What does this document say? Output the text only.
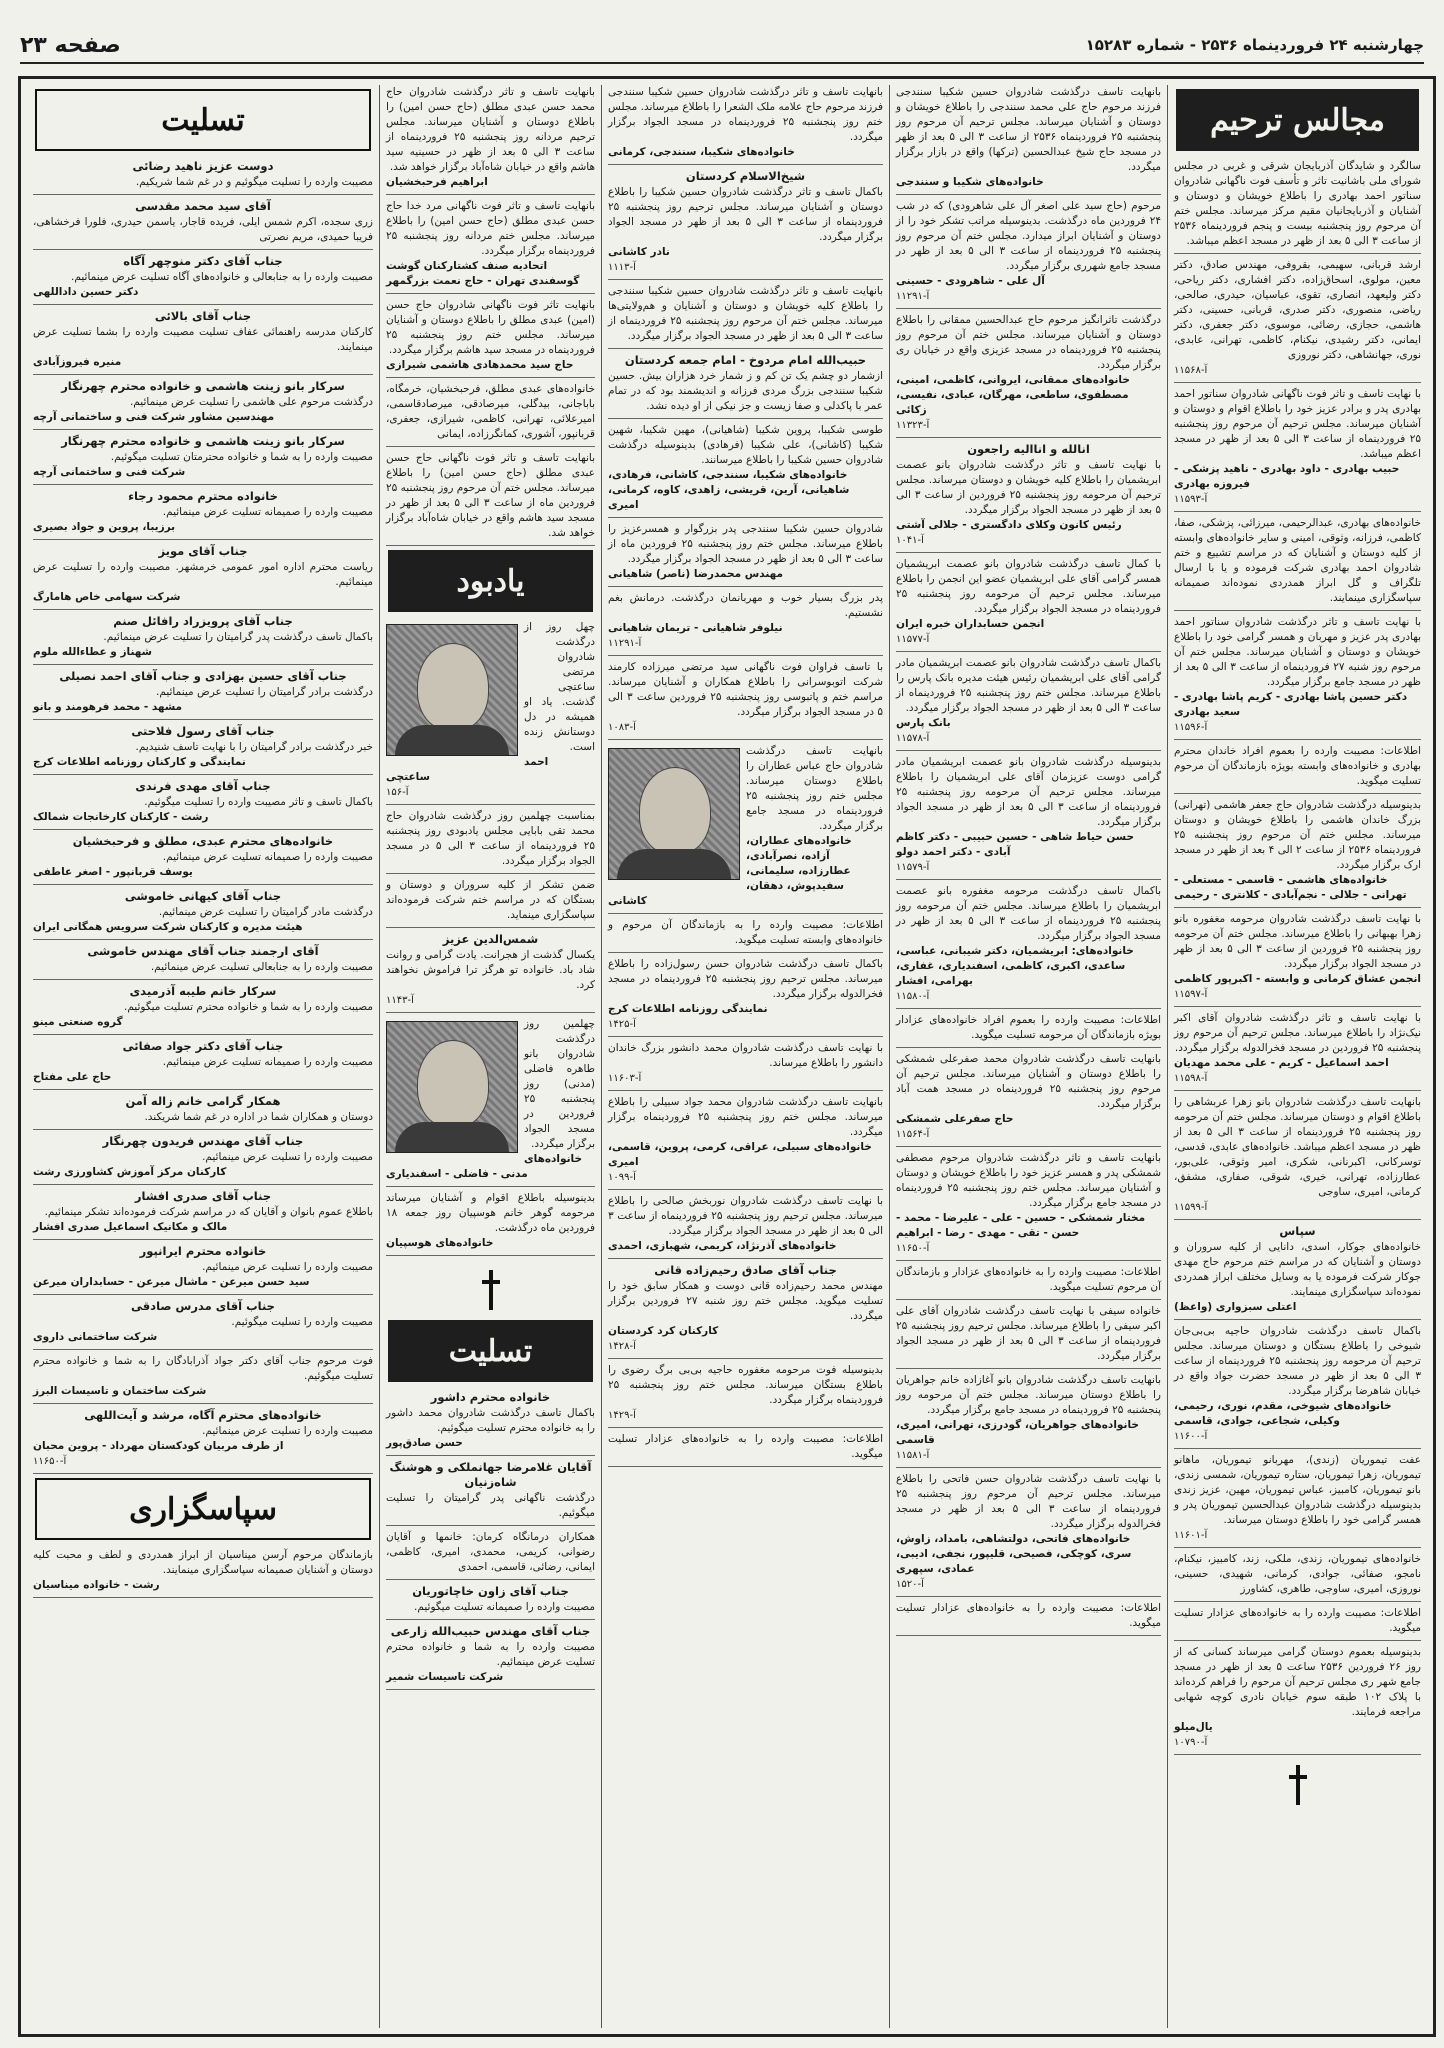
چهارشنبه ۲۴ فروردینماه ۲۵۳۶ - شماره ۱۵۲۸۳
صفحه ۲۳
مجالس ترحیم
سالگرد و شایدگان آذربایجان شرقی و غربی در مجلس شورای ملی باشانیت تاثر و تأسف فوت ناگهانی شادروان سناتور احمد بهادری را باطلاع خویشان و دوستان و آشنایان و آذربایجانیان مقیم مرکز میرساند. مجلس ختم آن مرحوم روز پنجشنبه بیست و پنجم فروردینماه ۲۵۳۶ از ساعت ۳ الی ۵ بعد از ظهر در مسجد اعظم میباشد.
ارشد قربانی، سهیمی، بقروفی، مهندس صادق، دکتر معین، مولوی، اسحاق‌زاده، دکتر افشاری، دکتر ریاحی، دکتر ولیعهد، انصاری، تقوی، عباسیان، حیدری، صالحی، ریاضی، منصوری، دکتر صدری، قربانی، حسینی، دکتر هاشمی، حجازی، رضائی، موسوی، دکتر جعفری، دکتر ایمانی، دکتر رشیدی، نیکنام، کاظمی، تهرانی، عابدی، نوری، جهانشاهی، دکتر نوروزی
آ-۱۱۵۶۸
با نهایت تاسف و تاثر فوت ناگهانی شادروان سناتور احمد بهادری پدر و برادر عزیز خود را باطلاع اقوام و دوستان و آشنایان میرساند. مجلس ترحیم آن مرحوم روز پنجشنبه ۲۵ فروردینماه از ساعت ۳ الی ۵ بعد از ظهر در مسجد اعظم میباشد.
حبیب بهادری - داود بهادری - ناهید پزشکی - فیروزه بهادری
آ-۱۱۵۹۳
خانواده‌های بهادری، عبدالرحیمی، میرزائی، پزشکی، صفا، کاظمی، فرزانه، وثوقی، امینی و سایر خانواده‌های وابسته از کلیه دوستان و آشنایان که در مراسم تشییع و ختم شادروان احمد بهادری شرکت فرموده و یا با ارسال تلگراف و گل ابراز همدردی نموده‌اند صمیمانه سپاسگزاری مینمایند.
با نهایت تاسف و تاثر درگذشت شادروان سناتور احمد بهادری پدر عزیز و مهربان و همسر گرامی خود را باطلاع خویشان و دوستان و آشنایان میرساند. مجلس ختم آن مرحوم روز شنبه ۲۷ فروردینماه از ساعت ۳ الی ۵ بعد از ظهر در مسجد جامع برگزار میگردد.
دکتر حسین پاشا بهادری - کریم پاشا بهادری - سعید بهادری
آ-۱۱۵۹۶
اطلاعات: مصیبت وارده را بعموم افراد خاندان محترم بهادری و خانواده‌های وابسته بویژه بازماندگان آن مرحوم تسلیت میگوید.
بدینوسیله درگذشت شادروان حاج جعفر هاشمی (تهرانی) بزرگ خاندان هاشمی را باطلاع خویشان و دوستان میرساند. مجلس ختم آن مرحوم روز پنجشنبه ۲۵ فروردینماه ۲۵۳۶ از ساعت ۲ الی ۴ بعد از ظهر در مسجد ارک برگزار میگردد.
خانواده‌های هاشمی - قاسمی - مستعلی - تهرانی - جلالی - نجم‌آبادی - کلانتری - رحیمی
با نهایت تاسف درگذشت شادروان مرحومه مغفوره بانو زهرا بهبهانی را باطلاع میرساند. مجلس ختم آن مرحومه روز پنجشنبه ۲۵ فروردین از ساعت ۳ الی ۵ بعد از ظهر در مسجد الجواد برگزار میگردد.
انجمن عشاق کرمانی و وابسته - اکبرپور کاظمی
آ-۱۱۵۹۷
با نهایت تاسف و تاثر درگذشت شادروان آقای اکبر نیک‌نژاد را باطلاع میرساند. مجلس ترحیم آن مرحوم روز پنجشنبه ۲۵ فروردین در مسجد فخرالدوله برگزار میگردد.
احمد اسماعیل - کریم - علی محمد مهدیان
آ-۱۱۵۹۸
بانهایت تاسف درگذشت شادروان بانو زهرا عربشاهی را باطلاع اقوام و دوستان میرساند. مجلس ختم آن مرحومه روز پنجشنبه ۲۵ فروردینماه از ساعت ۳ الی ۵ بعد از ظهر در مسجد اعظم میباشد. خانواده‌های عابدی، قدسی، توسرکانی، اکبرنانی، شکری، امیر وثوقی، علی‌بور، عطارزاده، تهرانی، خیری، شوقی، صفاری، مشفق، کرمانی، امیری، ساوجی
آ-۱۱۵۹۹
سپاس
خانواده‌های جوکار، اسدی، دانایی از کلیه سروران و دوستان و آشنایان که در مراسم ختم مرحوم حاج مهدی جوکار شرکت فرموده یا به وسایل مختلف ابراز همدردی نموده‌اند سپاسگزاری مینمایند.
اعتلی سبزواری (واعظ)
باکمال تاسف درگذشت شادروان حاجیه بی‌بی‌جان شیوخی را باطلاع بستگان و دوستان میرساند. مجلس ترحیم آن مرحومه روز پنجشنبه ۲۵ فروردینماه از ساعت ۳ الی ۵ بعد از ظهر در مسجد حضرت جواد واقع در خیابان شاهرضا برگزار میگردد.
خانواده‌های شیوخی، مقدم، نوری، رحیمی، وکیلی، شجاعی، جوادی، قاسمی
آ-۱۱۶۰۰
عفت تیموریان (زندی)، مهربانو تیموریان، ماهانو تیموریان، زهرا تیموریان، ستاره تیموریان، شمسی زندی، بانو تیموریان، کامبیز، عباس تیموریان، مهین، عزیز زندی بدینوسیله درگذشت شادروان عبدالحسین تیموریان پدر و همسر گرامی خود را باطلاع دوستان میرساند.
آ-۱۱۶۰۱
خانواده‌های تیموریان، زندی، ملکی، زند، کامبیز، نیکنام، نامجو، صفائی، جوادی، کرمانی، شهیدی، حسینی، نوروزی، امیری، ساوجی، طاهری، کشاورز
اطلاعات: مصیبت وارده را به خانواده‌های عزادار تسلیت میگوید.
بدینوسیله بعموم دوستان گرامی میرساند کسانی که از روز ۲۶ فروردین ۲۵۳۶ ساعت ۵ بعد از ظهر در مسجد جامع شهر ری مجلس ترحیم آن مرحوم را فراهم کرده‌اند با پلاک ۱۰۲ طبقه سوم خیابان نادری کوچه شهابی مراجعه فرمایند.
یال‌میلو
آ-۱۰۷۹۰
بانهایت تاسف درگذشت شادروان حسین شکیبا سنندجی فرزند مرحوم حاج علی محمد سنندجی را باطلاع خویشان و دوستان و آشنایان میرساند. مجلس ترحیم آن مرحوم روز پنجشنبه ۲۵ فروردینماه ۲۵۳۶ از ساعت ۳ الی ۵ بعد از ظهر در مسجد حاج شیخ عبدالحسین (ترکها) واقع در بازار برگزار میگردد.
خانواده‌های شکیبا و سنندجی
مرحوم (حاج سید علی اصغر آل علی شاهرودی) که در شب ۲۴ فروردین ماه درگذشت. بدینوسیله مراتب تشکر خود را از دوستان و آشنایان ابراز میدارد. مجلس ختم آن مرحوم روز پنجشنبه ۲۵ فروردینماه از ساعت ۳ الی ۵ بعد از ظهر در مسجد جامع شهرری برگزار میگردد.
آل علی - شاهرودی - حسینی
آ-۱۱۲۹۱
درگذشت تاثرانگیز مرحوم حاج عبدالحسین ممقانی را باطلاع دوستان و آشنایان میرساند. مجلس ختم آن مرحوم روز پنجشنبه ۲۵ فروردینماه در مسجد عزیزی واقع در خیابان ری برگزار میگردد.
خانواده‌های ممقانی، ایروانی، کاظمی، امینی، مصطفوی، ساطعی، مهرگان، عبادی، نفیسی، زکائی
آ-۱۱۳۲۳
انالله و اناالیه راجعون
با نهایت تاسف و تاثر درگذشت شادروان بانو عصمت ابریشمیان را باطلاع کلیه خویشان و دوستان میرساند. مجلس ترحیم آن مرحومه روز پنجشنبه ۲۵ فروردین از ساعت ۳ الی ۵ بعد از ظهر در مسجد الجواد برگزار میگردد.
رئیس کانون وکلای دادگستری - جلالی آشتی
آ-۱۰۴۱
با کمال تاسف درگذشت شادروان بانو عصمت ابریشمیان همسر گرامی آقای علی ابریشمیان عضو این انجمن را باطلاع میرساند. مجلس ترحیم آن مرحومه روز پنجشنبه ۲۵ فروردینماه در مسجد الجواد برگزار میگردد.
انجمن حسابداران خبره ایران
آ-۱۱۵۷۷
باکمال تاسف درگذشت شادروان بانو عصمت ابریشمیان مادر گرامی آقای علی ابریشمیان رئیس هیئت مدیره بانک پارس را باطلاع میرساند. مجلس ختم روز پنجشنبه ۲۵ فروردینماه از ساعت ۳ الی ۵ بعد از ظهر در مسجد الجواد برگزار میگردد.
بانک پارس
آ-۱۱۵۷۸
بدینوسیله درگذشت شادروان بانو عصمت ابریشمیان مادر گرامی دوست عزیزمان آقای علی ابریشمیان را باطلاع میرساند. مجلس ترحیم آن مرحومه روز پنجشنبه ۲۵ فروردینماه از ساعت ۳ الی ۵ بعد از ظهر در مسجد الجواد برگزار میگردد.
حسن حیاط شاهی - حسین حبیبی - دکتر کاظم آبادی - دکتر احمد دولو
آ-۱۱۵۷۹
باکمال تاسف درگذشت مرحومه مغفوره بانو عصمت ابریشمیان را باطلاع میرساند. مجلس ختم آن مرحومه روز پنجشنبه ۲۵ فروردینماه از ساعت ۳ الی ۵ بعد از ظهر در مسجد الجواد برگزار میگردد.
خانواده‌های: ابریشمیان، دکتر شیبانی، عباسی، ساعدی، اکبری، کاظمی، اسفندیاری، غفاری، بهرامی، افشار
آ-۱۱۵۸۰
اطلاعات: مصیبت وارده را بعموم افراد خانواده‌های عزادار بویژه بازماندگان آن مرحومه تسلیت میگوید.
بانهایت تاسف درگذشت شادروان محمد صفرعلی شمشکی را باطلاع دوستان و آشنایان میرساند. مجلس ترحیم آن مرحوم روز پنجشنبه ۲۵ فروردینماه در مسجد همت آباد برگزار میگردد.
حاج صفرعلی شمشکی
آ-۱۱۵۶۴
بانهایت تاسف و تاثر درگذشت شادروان مرحوم مصطفی شمشکی پدر و همسر عزیز خود را باطلاع خویشان و دوستان و آشنایان میرساند. مجلس ختم روز پنجشنبه ۲۵ فروردینماه در مسجد جامع برگزار میگردد.
مختار شمشکی - حسین - علی - علیرضا - محمد - حسن - تقی - مهدی - رضا - ابراهیم
آ-۱۱۶۵۰
اطلاعات: مصیبت وارده را به خانواده‌های عزادار و بازماندگان آن مرحوم تسلیت میگوید.
خانواده سیفی با نهایت تاسف درگذشت شادروان آقای علی اکبر سیفی را باطلاع میرساند. مجلس ترحیم روز پنجشنبه ۲۵ فروردینماه از ساعت ۳ الی ۵ بعد از ظهر در مسجد الجواد برگزار میگردد.
بانهایت تاسف درگذشت شادروان بانو آغازاده خانم جواهریان را باطلاع دوستان میرساند. مجلس ختم آن مرحومه روز پنجشنبه ۲۵ فروردینماه در مسجد جامع برگزار میگردد.
خانواده‌های جواهریان، گودرزی، تهرانی، امیری، قاسمی
آ-۱۱۵۸۱
با نهایت تاسف درگذشت شادروان حسن فاتحی را باطلاع میرساند. مجلس ترحیم آن مرحوم روز پنجشنبه ۲۵ فروردینماه از ساعت ۳ الی ۵ بعد از ظهر در مسجد فخرالدوله برگزار میگردد.
خانواده‌های فاتحی، دولتشاهی، بامداد، زاوش، سری، کوچکی، فصیحی، قلیپور، نجفی، ادیبی، عمادی، سپهری
آ-۱۵۲۰
اطلاعات: مصیبت وارده را به خانواده‌های عزادار تسلیت میگوید.
بانهایت تاسف و تاثر درگذشت شادروان حسین شکیبا سنندجی فرزند مرحوم حاج علامه ملک الشعرا را باطلاع میرساند. مجلس ختم روز پنجشنبه ۲۵ فروردینماه در مسجد الجواد برگزار میگردد.
خانواده‌های شکیبا، سنندجی، کرمانی
شیخ‌الاسلام کردستان
باکمال تاسف و تاثر درگذشت شادروان حسین شکیبا را باطلاع دوستان و آشنایان میرساند. مجلس ترحیم روز پنجشنبه ۲۵ فروردینماه از ساعت ۳ الی ۵ بعد از ظهر در مسجد الجواد برگزار میگردد.
نادر کاشانی
آ-۱۱۱۳
بانهایت تاسف و تاثر درگذشت شادروان حسین شکیبا سنندجی را باطلاع کلیه خویشان و دوستان و آشنایان و هم‌ولایتی‌ها میرساند. مجلس ختم آن مرحوم روز پنجشنبه ۲۵ فروردینماه از ساعت ۳ الی ۵ بعد از ظهر در مسجد الجواد برگزار میگردد.
حبیب‌الله امام مردوخ - امام جمعه کردستان
ازشمار دو چشم یک تن کم و ز شمار خرد هزاران بیش. حسین شکیبا سنندجی بزرگ مردی فرزانه و اندیشمند بود که در تمام عمر با پاکدلی و صفا زیست و جز نیکی از او دیده نشد.
طوسی شکیبا، پروین شکیبا (شاهیانی)، مهین شکیبا، شهین شکیبا (کاشانی)، علی شکیبا (فرهادی) بدینوسیله درگذشت شادروان حسین شکیبا را باطلاع میرسانند.
خانواده‌های شکیبا، سنندجی، کاشانی، فرهادی، شاهیانی، آرین، قریشی، زاهدی، کاوه، کرمانی، امیری
شادروان حسین شکیبا سنندجی پدر بزرگوار و همسرعزیز را باطلاع میرساند. مجلس ختم روز پنجشنبه ۲۵ فروردین ماه از ساعت ۳ الی ۵ بعد از ظهر در مسجد الجواد برگزار میگردد.
مهندس محمدرضا (ناصر) شاهیانی
پدر بزرگ بسیار خوب و مهربانمان درگذشت. درمانش بغم نشستیم.
نیلوفر شاهیانی - تریمان شاهیانی
آ-۱۱۲۹۱
با تاسف فراوان فوت ناگهانی سید مرتضی میرزاده کارمند شرکت اتوبوسرانی را باطلاع همکاران و آشنایان میرساند. مراسم ختم و پاتبوسی روز پنجشنبه ۲۵ فروردین ساعت ۳ الی ۵ در مسجد الجواد برگزار میگردد.
آ-۱۰۸۳
بانهایت تاسف درگذشت شادروان حاج عباس عطاران را باطلاع دوستان میرساند. مجلس ختم روز پنجشنبه ۲۵ فروردینماه در مسجد جامع برگزار میگردد.
خانواده‌های عطاران، آزاده، نصرآبادی، عطارزاده، سلیمانی، سفیدپوش، دهقان، کاشانی
اطلاعات: مصیبت وارده را به بازماندگان آن مرحوم و خانواده‌های وابسته تسلیت میگوید.
باکمال تاسف درگذشت شادروان حسن رسول‌زاده را باطلاع میرساند. مجلس ترحیم روز پنجشنبه ۲۵ فروردینماه در مسجد فخرالدوله برگزار میگردد.
نمایندگی روزنامه اطلاعات کرج
آ-۱۴۲۵
با نهایت تاسف درگذشت شادروان محمد دانشور بزرگ خاندان دانشور را باطلاع میرساند.
آ-۱۱۶۰۳
بانهایت تاسف درگذشت شادروان محمد جواد سبیلی را باطلاع میرساند. مجلس ختم روز پنجشنبه ۲۵ فروردینماه برگزار میگردد.
خانواده‌های سبیلی، عراقی، کرمی، پروین، قاسمی، امیری
آ-۱۰۹۹
با نهایت تاسف درگذشت شادروان نوربخش صالحی را باطلاع میرساند. مجلس ترحیم روز پنجشنبه ۲۵ فروردینماه از ساعت ۳ الی ۵ بعد از ظهر در مسجد الجواد برگزار میگردد.
خانواده‌های آذرنژاد، کریمی، شهبازی، احمدی
جناب آقای صادق رحیم‌زاده قانی
مهندس محمد رحیم‌زاده قانی دوست و همکار سابق خود را تسلیت میگوید. مجلس ختم روز شنبه ۲۷ فروردین برگزار میگردد.
کارکنان کرد کردستان
آ-۱۴۲۸
بدینوسیله فوت مرحومه مغفوره حاجیه بی‌بی برگ رضوی را باطلاع بستگان میرساند. مجلس ختم روز پنجشنبه ۲۵ فروردینماه برگزار میگردد.
آ-۱۴۲۹
اطلاعات: مصیبت وارده را به خانواده‌های عزادار تسلیت میگوید.
بانهایت تاسف و تاثر درگذشت شادروان حاج محمد حسن عبدی مطلق (حاج حسن امین) را باطلاع دوستان و آشنایان میرساند. مجلس ترحیم مردانه روز پنجشنبه ۲۵ فروردینماه از ساعت ۳ الی ۵ بعد از ظهر در حسینیه سید هاشم واقع در خیابان شاه‌آباد برگزار خواهد شد.
ابراهیم فرحبخشیان
بانهایت تاسف و تاثر فوت ناگهانی مرد خدا حاج حسن عبدی مطلق (حاج حسن امین) را باطلاع میرساند. مجلس ختم مردانه روز پنجشنبه ۲۵ فروردینماه برگزار میگردد.
اتحادیه صنف کشتارکنان گوشت گوسفندی تهران - حاج نعمت بزرگمهر
بانهایت تاثر فوت ناگهانی شادروان حاج حسن (امین) عبدی مطلق را باطلاع دوستان و آشنایان میرساند. مجلس ختم روز پنجشنبه ۲۵ فروردینماه در مسجد سید هاشم برگزار میگردد.
حاج سید محمدهادی هاشمی شیرازی
خانواده‌های عبدی مطلق، فرحبخشیان، خرمگاه، باباجانی، بیدگلی، میرصادقی، میرصادقاسمی، امیرعلائی، تهرانی، کاظمی، شیرازی، جعفری، قربانپور، آشوری، کمانگرزاده، ایمانی
بانهایت تاسف و تاثر فوت ناگهانی حاج حسن عبدی مطلق (حاج حسن امین) را باطلاع میرساند. مجلس ختم آن مرحوم روز پنجشنبه ۲۵ فروردین ماه از ساعت ۳ الی ۵ بعد از ظهر در مسجد سید هاشم واقع در خیابان شاه‌آباد برگزار خواهد شد.
یادبود
چهل روز از درگذشت شادروان مرتضی ساعتچی گذشت. یاد او همیشه در دل دوستانش زنده است.
احمد ساعتچی
آ-۱۵۶
بمناسبت چهلمین روز درگذشت شادروان حاج محمد تقی بابایی مجلس یادبودی روز پنجشنبه ۲۵ فروردینماه از ساعت ۳ الی ۵ در مسجد الجواد برگزار میگردد.
ضمن تشکر از کلیه سروران و دوستان و بستگان که در مراسم ختم شرکت فرموده‌اند سپاسگزاری مینماید.
شمس‌الدین عزیز
یکسال گذشت از هجرانت. یادت گرامی و روانت شاد باد. خانواده تو هرگز ترا فراموش نخواهند کرد.
آ-۱۱۴۳
چهلمین روز درگذشت شادروان بانو طاهره فاضلی (مدنی) روز پنجشنبه ۲۵ فروردین در مسجد الجواد برگزار میگردد.
خانواده‌های مدنی - فاضلی - اسفندیاری
بدینوسیله باطلاع اقوام و آشنایان میرساند مرحومه گوهر خانم هوسپیان روز جمعه ۱۸ فروردین ماه درگذشت.
خانواده‌های هوسپیان
تسلیت
خانواده محترم داشور
باکمال تاسف درگذشت شادروان محمد داشور را به خانواده محترم تسلیت میگوئیم.
حسن صادق‌پور
آقایان غلامرضا جهانملکی و هوشنگ شاه‌زنیان
درگذشت ناگهانی پدر گرامیتان را تسلیت میگوئیم.
همکاران درمانگاه کرمان: خانمها و آقایان رضوانی، کریمی، محمدی، امیری، کاظمی، ایمانی، رضائی، قاسمی، احمدی
جناب آقای زاون خاچاتوریان
مصیبت وارده را صمیمانه تسلیت میگوئیم.
جناب آقای مهندس حبیب‌الله زارعی
مصیبت وارده را به شما و خانواده محترم تسلیت عرض مینمائیم.
شرکت تاسیسات شمیر
تسلیت
دوست عزیز ناهید رضائی
مصیبت وارده را تسلیت میگوئیم و در غم شما شریکیم.
آقای سید محمد مقدسی
زری سجده، اکرم شمس ایلی، فریده قاجار، یاسمن حیدری، فلورا فرخشاهی، فریبا حمیدی، مریم نصرتی
جناب آقای دکتر منوچهر آگاه
مصیبت وارده را به جنابعالی و خانواده‌های آگاه تسلیت عرض مینمائیم.
دکتر حسین داداللهی
جناب آقای بالائی
کارکنان مدرسه راهنمائی عفاف تسلیت مصیبت وارده را بشما تسلیت عرض مینمایند.
منیره فیروزآبادی
سرکار بانو زینت هاشمی و خانواده محترم چهرنگار
درگذشت مرحوم علی هاشمی را تسلیت عرض مینمائیم.
مهندسین مشاور شرکت فنی و ساختمانی آرچه
سرکار بانو زینت هاشمی و خانواده محترم چهرنگار
مصیبت وارده را به شما و خانواده محترمتان تسلیت میگوئیم.
شرکت فنی و ساختمانی آرچه
خانواده محترم محمود رجاء
مصیبت وارده را صمیمانه تسلیت عرض مینمائیم.
برزیبا، پروین و جواد بصیری
جناب آقای مویز
ریاست محترم اداره امور عمومی خرمشهر. مصیبت وارده را تسلیت عرض مینمائیم.
شرکت سهامی خاص هامارگ
جناب آقای پرویزراد رافائل صنم
باکمال تاسف درگذشت پدر گرامیتان را تسلیت عرض مینمائیم.
شهناز و عطاءالله ملوم
جناب آقای حسین بهزادی و جناب آقای احمد نصیلی
درگذشت برادر گرامیتان را تسلیت عرض مینمائیم.
مشهد - محمد فرهومند و بانو
جناب آقای رسول فلاحتی
خبر درگذشت برادر گرامیتان را با نهایت تاسف شنیدیم.
نمایندگی و کارکنان روزنامه اطلاعات کرج
جناب آقای مهدی فرندی
باکمال تاسف و تاثر مصیبت وارده را تسلیت میگوئیم.
رشت - کارکنان کارخانجات شمالک
خانواده‌های محترم عبدی، مطلق و فرحبخشیان
مصیبت وارده را صمیمانه تسلیت عرض مینمائیم.
یوسف قربانپور - اصغر عاطفی
جناب آقای کیهانی خاموشی
درگذشت مادر گرامیتان را تسلیت عرض مینمائیم.
هیئت مدیره و کارکنان شرکت سرویس همگانی ایران
آقای ارجمند جناب آقای مهندس خاموشی
مصیبت وارده را به جنابعالی تسلیت عرض مینمائیم.
سرکار خانم طیبه آذرمیدی
مصیبت وارده را به شما و خانواده محترم تسلیت میگوئیم.
گروه صنعتی مینو
جناب آقای دکتر جواد صفائی
مصیبت وارده را صمیمانه تسلیت عرض مینمائیم.
حاج علی مفتاح
همکار گرامی خانم زاله آمن
دوستان و همکاران شما در اداره در غم شما شریکند.
جناب آقای مهندس فریدون چهرنگار
مصیبت وارده را تسلیت عرض مینمائیم.
کارکنان مرکز آموزش کشاورزی رشت
جناب آقای صدری افشار
باطلاع عموم بانوان و آقایان که در مراسم شرکت فرموده‌اند تشکر مینمائیم.
مالک و مکانیک اسماعیل صدری افشار
خانواده محترم ایرانپور
مصیبت وارده را تسلیت عرض مینمائیم.
سید حسن میرعن - ماشال میرعن - حسابداران میرعن
جناب آقای مدرس صادقی
مصیبت وارده را تسلیت میگوئیم.
شرکت ساختمانی داروی
فوت مرحوم جناب آقای دکتر جواد آذرابادگان را به شما و خانواده محترم تسلیت میگوئیم.
شرکت ساختمان و تاسیسات البرز
خانواده‌های محترم آگاه، مرشد و آیت‌اللهی
مصیبت وارده را تسلیت عرض مینمائیم.
از طرف مربیان کودکستان مهرداد - پروین محبان
آ-۱۱۶۵۰
سپاسگزاری
بازماندگان مرحوم آرسن میناسیان از ابراز همدردی و لطف و محبت کلیه دوستان و آشنایان صمیمانه سپاسگزاری مینمایند.
رشت - خانواده میناسیان
